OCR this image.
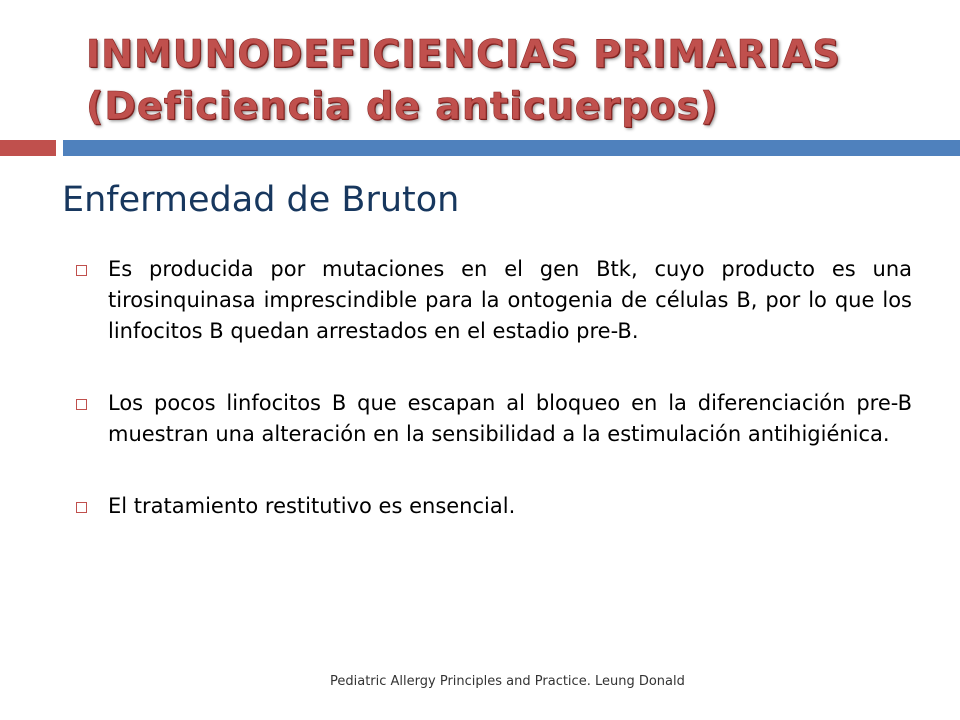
INMUNODEFICIENCIAS PRIMARIAS
(Deficiencia de anticuerpos)
Enfermedad de Bruton
Es producida por mutaciones en el gen Btk, cuyo producto es una tirosinquinasa imprescindible para la ontogenia de células B, por lo que los linfocitos B quedan arrestados en el estadio pre-B.
Los pocos linfocitos B que escapan al bloqueo en la diferenciación pre-B muestran una alteración en la sensibilidad a la estimulación antihigiénica.
El tratamiento restitutivo es ensencial.
Pediatric Allergy Principles and Practice. Leung Donald
